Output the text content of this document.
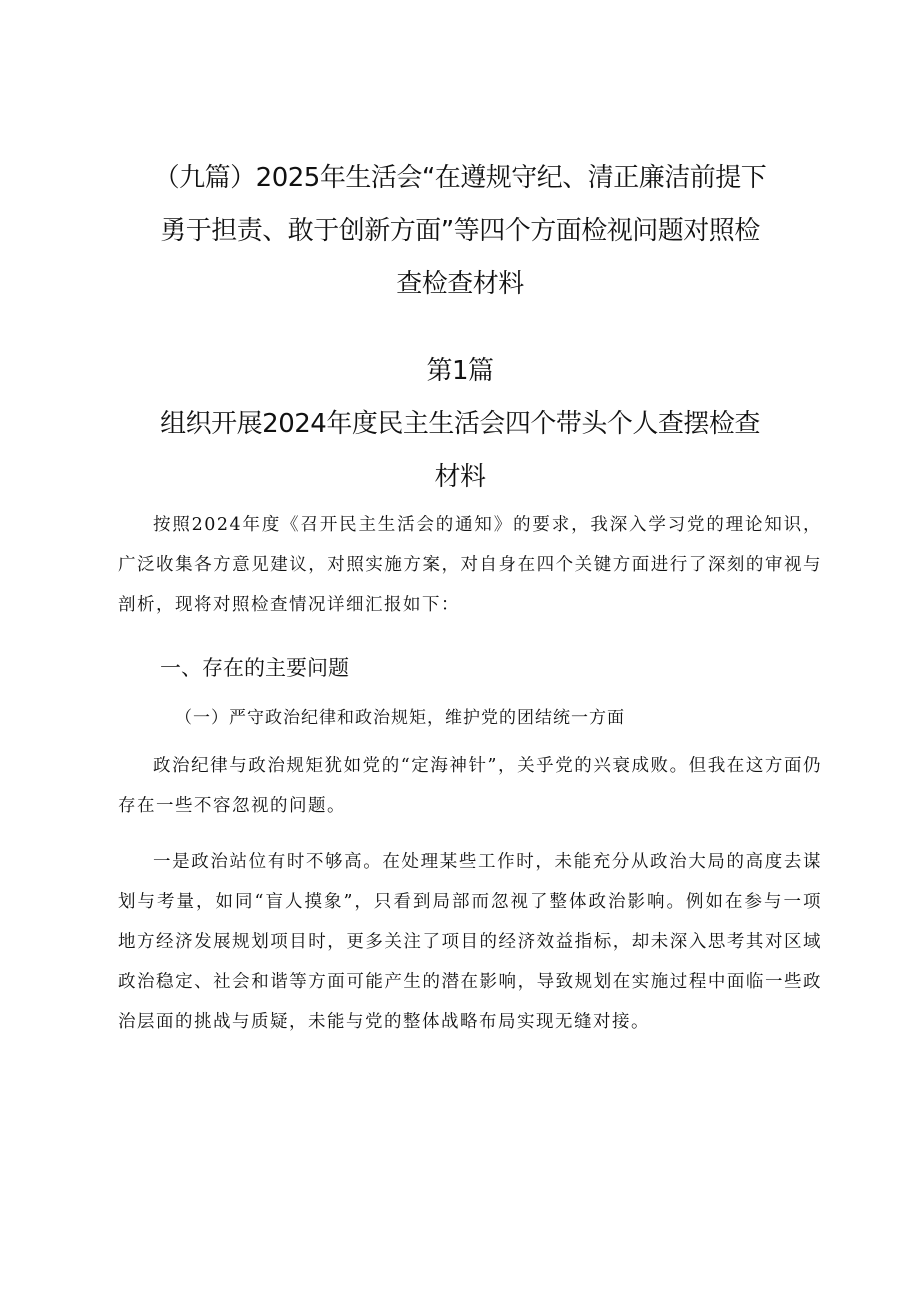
（九篇）2025年生活会“在遵规守纪、清正廉洁前提下
勇于担责、敢于创新方面”等四个方面检视问题对照检
查检查材料
第1篇
组织开展2024年度民主生活会四个带头个人查摆检查
材料

按照2024年度《召开民主生活会的通知》的要求，我深入学习党的理论知识，广泛收集各方意见建议，对照实施方案，对自身在四个关键方面进行了深刻的审视与剖析，现将对照检查情况详细汇报如下：

一、存在的主要问题
（一）严守政治纪律和政治规矩，维护党的团结统一方面

政治纪律与政治规矩犹如党的“定海神针”，关乎党的兴衰成败。但我在这方面仍存在一些不容忽视的问题。

一是政治站位有时不够高。在处理某些工作时，未能充分从政治大局的高度去谋划与考量，如同“盲人摸象”，只看到局部而忽视了整体政治影响。例如在参与一项地方经济发展规划项目时，更多关注了项目的经济效益指标，却未深入思考其对区域政治稳定、社会和谐等方面可能产生的潜在影响，导致规划在实施过程中面临一些政治层面的挑战与质疑，未能与党的整体战略布局实现无缝对接。
